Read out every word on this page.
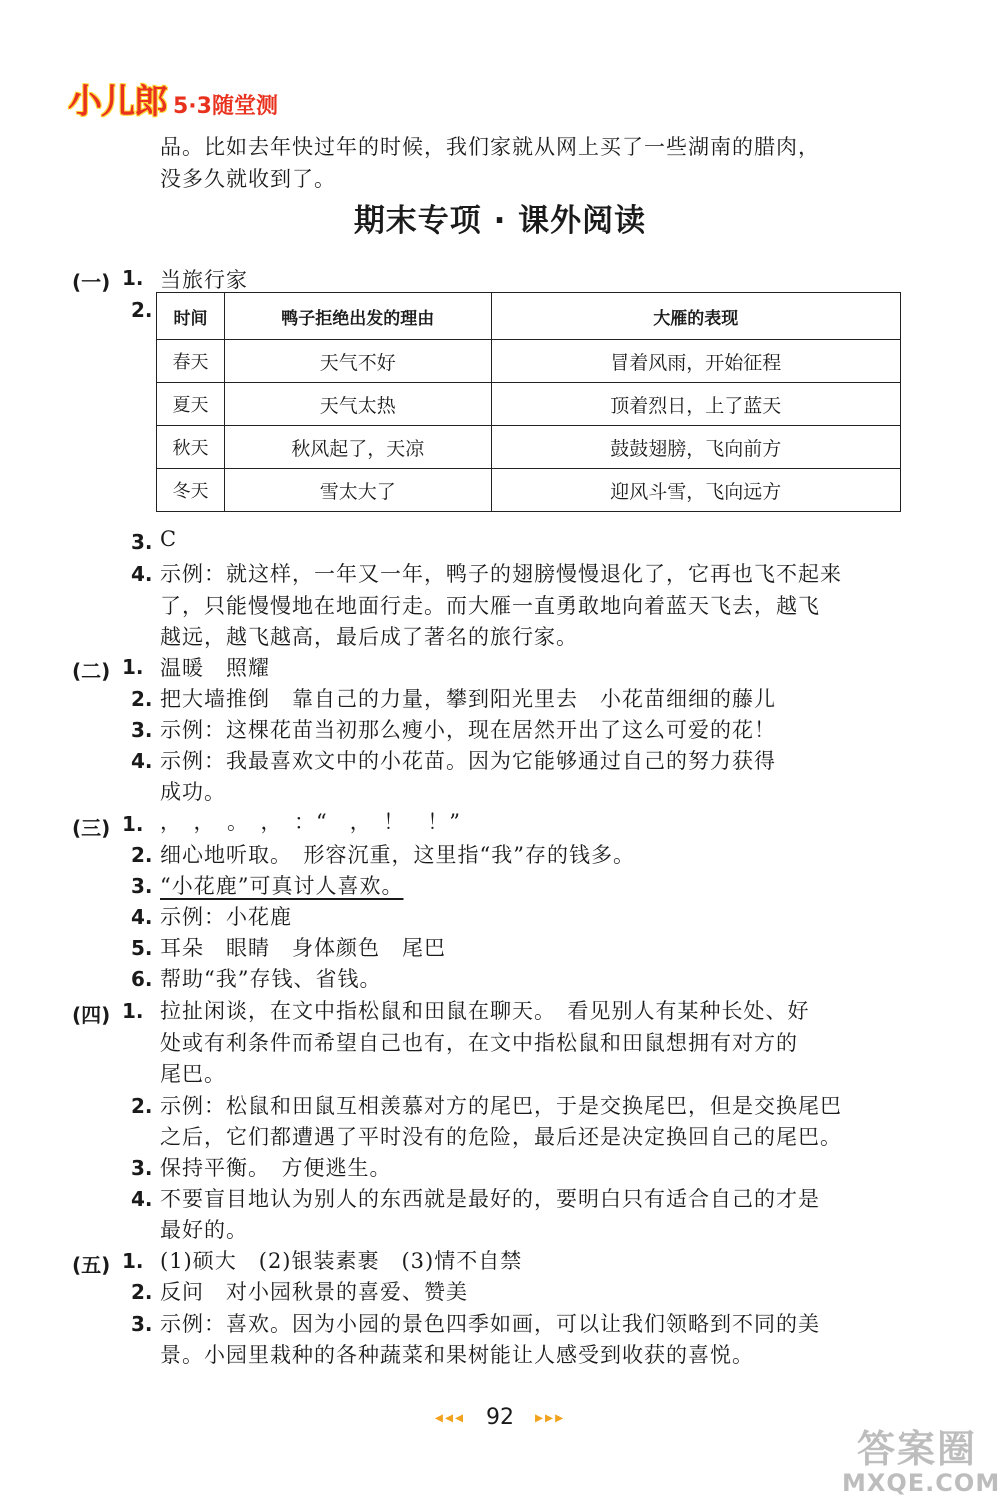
小儿郎 5·3随堂测
品。比如去年快过年的时候，我们家就从网上买了一些湖南的腊肉，
没多久就收到了。
期末专项 · 课外阅读
(一) 1. 当旅行家
2. 时间	鸭子拒绝出发的理由	大雁的表现
春天	天气不好	冒着风雨，开始征程
夏天	天气太热	顶着烈日，上了蓝天
秋天	秋风起了，天凉	鼓鼓翅膀，飞向前方
冬天	雪太大了	迎风斗雪，飞向远方
3. C
4. 示例：就这样，一年又一年，鸭子的翅膀慢慢退化了，它再也飞不起来
了，只能慢慢地在地面行走。而大雁一直勇敢地向着蓝天飞去，越飞
越远，越飞越高，最后成了著名的旅行家。
(二) 1. 温暖　照耀
2. 把大墙推倒　靠自己的力量，攀到阳光里去　小花苗细细的藤儿
3. 示例：这棵花苗当初那么瘦小，现在居然开出了这么可爱的花！
4. 示例：我最喜欢文中的小花苗。因为它能够通过自己的努力获得
成功。
(三) 1. ，　，　。　，　：“　，　！　！”
2. 细心地听取。　形容沉重，这里指“我”存的钱多。
3. “小花鹿”可真讨人喜欢。
4. 示例：小花鹿
5. 耳朵　眼睛　身体颜色　尾巴
6. 帮助“我”存钱、省钱。
(四) 1. 拉扯闲谈，在文中指松鼠和田鼠在聊天。　看见别人有某种长处、好
处或有利条件而希望自己也有，在文中指松鼠和田鼠想拥有对方的
尾巴。
2. 示例：松鼠和田鼠互相羡慕对方的尾巴，于是交换尾巴，但是交换尾巴
之后，它们都遭遇了平时没有的危险，最后还是决定换回自己的尾巴。
3. 保持平衡。　方便逃生。
4. 不要盲目地认为别人的东西就是最好的，要明白只有适合自己的才是
最好的。
(五) 1. (1)硕大　(2)银装素裹　(3)情不自禁
2. 反问　对小园秋景的喜爱、赞美
3. 示例：喜欢。因为小园的景色四季如画，可以让我们领略到不同的美
景。小园里栽种的各种蔬菜和果树能让人感受到收获的喜悦。
◂◂◂ 92 ▸▸▸
答案圈
MXQE.COM
